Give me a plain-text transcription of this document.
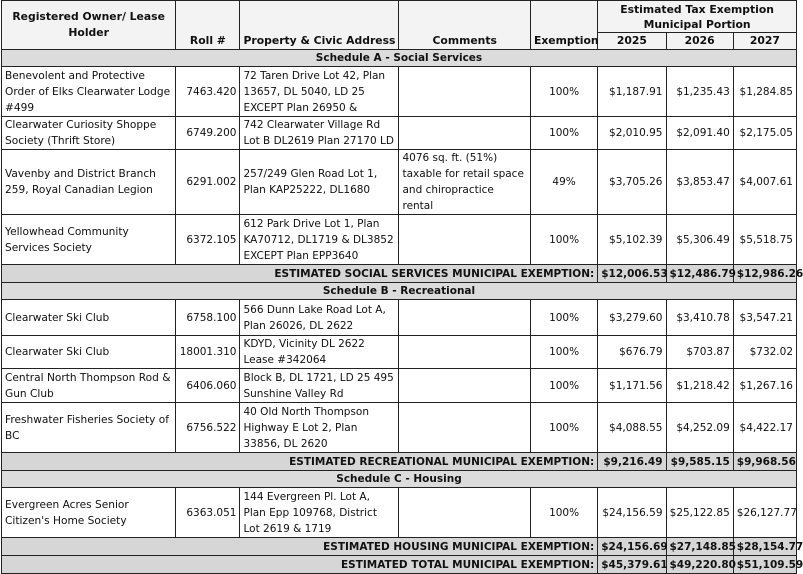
Registered Owner/ Lease Holder	Roll #	Property & Civic Address	Comments	Exemption	Estimated Tax Exemption Municipal Portion		
					2025	2026	2027
Schedule A - Social Services							
Benevolent and Protective Order of Elks Clearwater Lodge #499	7463.420	72 Taren Drive Lot 42, Plan 13657, DL 5040, LD 25 EXCEPT Plan 26950 &		100%	$1,187.91	$1,235.43	$1,284.85
Clearwater Curiosity Shoppe Society (Thrift Store)	6749.200	742 Clearwater Village Rd Lot B DL2619 Plan 27170 LD		100%	$2,010.95	$2,091.40	$2,175.05
Vavenby and District Branch 259, Royal Canadian Legion	6291.002	257/249 Glen Road Lot 1, Plan KAP25222, DL1680	4076 sq. ft. (51%) taxable for retail space and chiropractice rental	49%	$3,705.26	$3,853.47	$4,007.61
Yellowhead Community Services Society	6372.105	612 Park Drive Lot 1, Plan KA70712, DL1719 & DL3852 EXCEPT Plan EPP3640		100%	$5,102.39	$5,306.49	$5,518.75
ESTIMATED SOCIAL SERVICES MUNICIPAL EXEMPTION:					$12,006.53	$12,486.79	$12,986.26
Schedule B - Recreational							
Clearwater Ski Club	6758.100	566 Dunn Lake Road Lot A, Plan 26026, DL 2622		100%	$3,279.60	$3,410.78	$3,547.21
Clearwater Ski Club	18001.310	KDYD, Vicinity DL 2622 Lease #342064		100%	$676.79	$703.87	$732.02
Central North Thompson Rod & Gun Club	6406.060	Block B, DL 1721, LD 25 495 Sunshine Valley Rd		100%	$1,171.56	$1,218.42	$1,267.16
Freshwater Fisheries Society of BC	6756.522	40 Old North Thompson Highway E Lot 2, Plan 33856, DL 2620		100%	$4,088.55	$4,252.09	$4,422.17
ESTIMATED RECREATIONAL MUNICIPAL EXEMPTION:					$9,216.49	$9,585.15	$9,968.56
Schedule C - Housing							
Evergreen Acres Senior Citizen's Home Society	6363.051	144 Evergreen Pl. Lot A, Plan Epp 109768, District Lot 2619 & 1719		100%	$24,156.59	$25,122.85	$26,127.77
ESTIMATED HOUSING MUNICIPAL EXEMPTION:					$24,156.69	$27,148.85	$28,154.77
ESTIMATED TOTAL MUNICIPAL EXEMPTION:					$45,379.61	$49,220.80	$51,109.59
